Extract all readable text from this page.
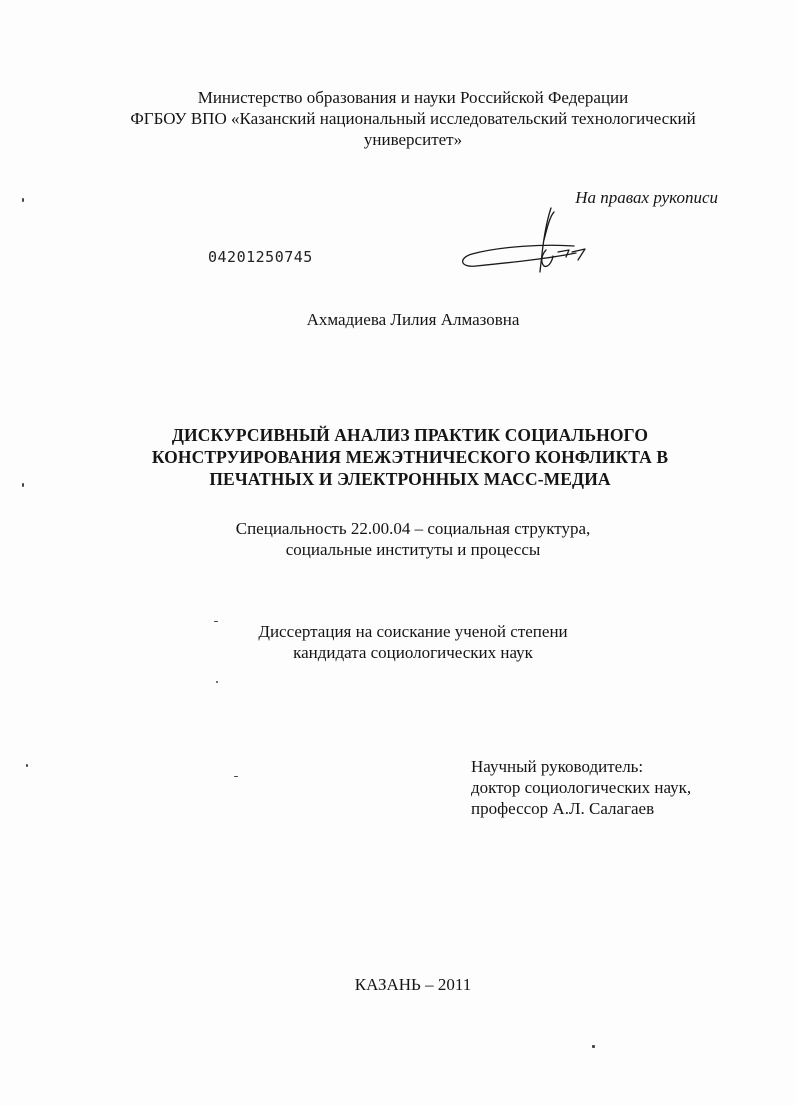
Министерство образования и науки Российской Федерации
ФГБОУ ВПО «Казанский национальный исследовательский технологический
университет»
На правах рукописи
04201250745
Ахмадиева Лилия Алмазовна
ДИСКУРСИВНЫЙ АНАЛИЗ ПРАКТИК СОЦИАЛЬНОГО
КОНСТРУИРОВАНИЯ МЕЖЭТНИЧЕСКОГО КОНФЛИКТА В
ПЕЧАТНЫХ И ЭЛЕКТРОННЫХ МАСС-МЕДИА
Специальность 22.00.04 – социальная структура,
социальные институты и процессы
Диссертация на соискание ученой степени
кандидата социологических наук
Научный руководитель:
доктор социологических наук,
профессор А.Л. Салагаев
КАЗАНЬ – 2011
